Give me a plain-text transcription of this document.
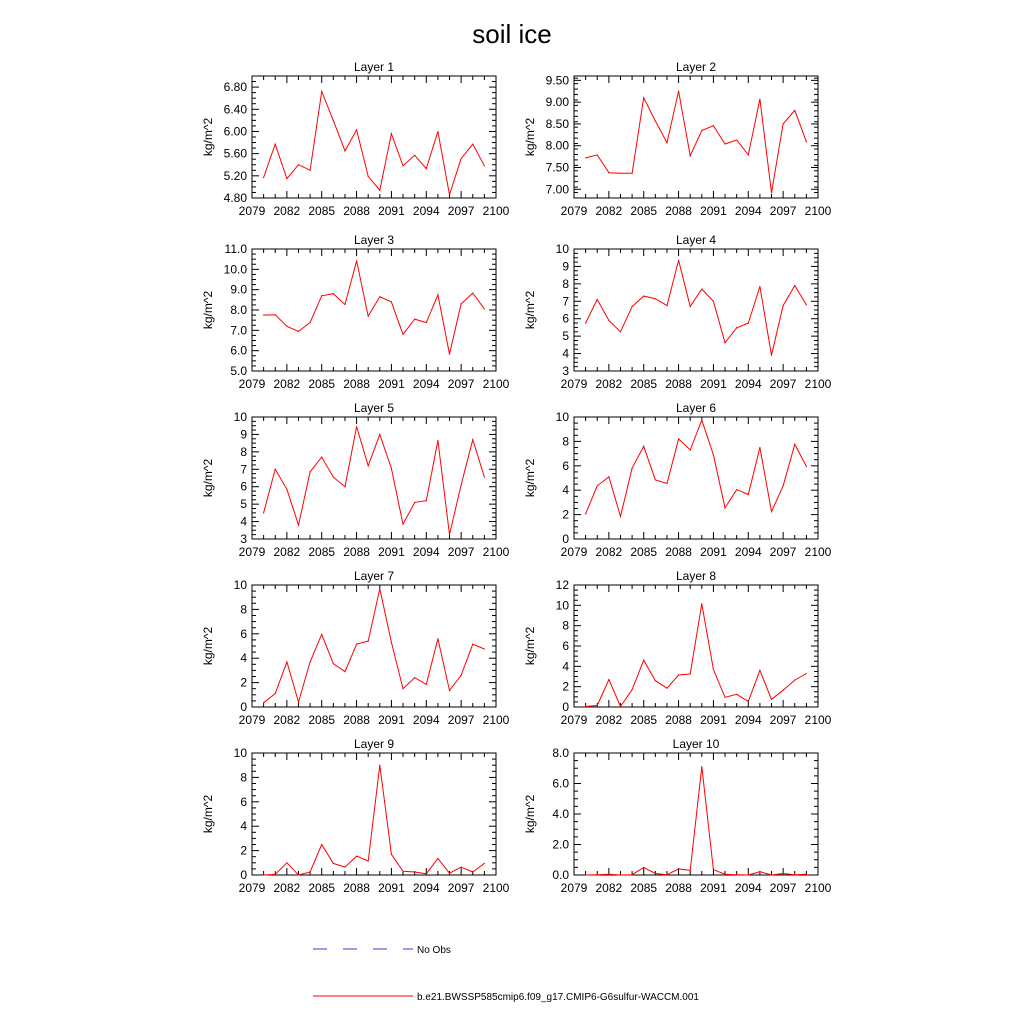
soil ice
Layer 1
2079 2082 2085 2088 2091 2094 2097 2100
4.80
5.20
5.60
6.00
6.40
6.80
kg/m^2
Layer 2
2079 2082 2085 2088 2091 2094 2097 2100
7.00
7.50
8.00
8.50
9.00
9.50
kg/m^2
Layer 3
2079 2082 2085 2088 2091 2094 2097 2100
5.0
6.0
7.0
8.0
9.0
10.0
11.0
kg/m^2
Layer 4
2079 2082 2085 2088 2091 2094 2097 2100
3
4
5
6
7
8
9
10
kg/m^2
Layer 5
2079 2082 2085 2088 2091 2094 2097 2100
3
4
5
6
7
8
9
10
kg/m^2
Layer 6
2079 2082 2085 2088 2091 2094 2097 2100
0
2
4
6
8
10
kg/m^2
Layer 7
2079 2082 2085 2088 2091 2094 2097 2100
0
2
4
6
8
10
kg/m^2
Layer 8
2079 2082 2085 2088 2091 2094 2097 2100
0
2
4
6
8
10
12
kg/m^2
Layer 9
2079 2082 2085 2088 2091 2094 2097 2100
0
2
4
6
8
10
kg/m^2
Layer 10
2079 2082 2085 2088 2091 2094 2097 2100
0.0
2.0
4.0
6.0
8.0
kg/m^2
No Obs
b.e21.BWSSP585cmip6.f09_g17.CMIP6-G6sulfur-WACCM.001
